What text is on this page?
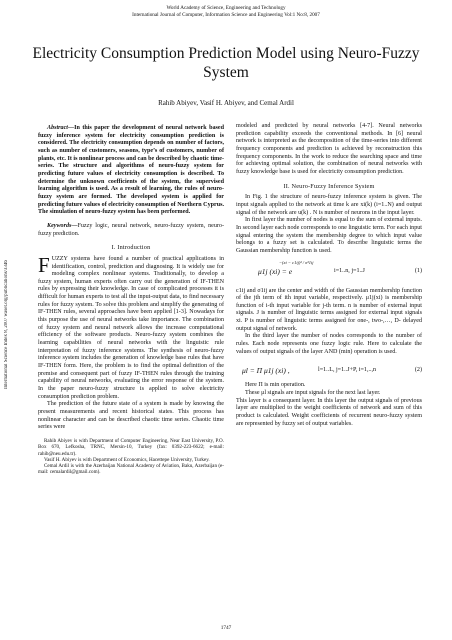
World Academy of Science, Engineering and Technology
International Journal of Computer, Information Science and Engineering Vol:1 No:8, 2007
International Science Index 8, 2007 waset.org/publications/3346
Electricity Consumption Prediction Model using Neuro-Fuzzy System
Rahib Abiyev, Vasif H. Abiyev, and Cemal Ardil

Abstract—In this paper the development of neural network based fuzzy inference system for electricity consumption prediction is considered. The electricity consumption depends on number of factors, such as number of customers, seasons, type’s of customers, number of plants, etc. It is nonlinear process and can be described by chaotic time-series. The structure and algorithms of neuro-fuzzy system for predicting future values of electricity consumption is described. To determine the unknown coefficients of the system, the supervised learning algorithm is used. As a result of learning, the rules of neuro-fuzzy system are formed. The developed system is applied for predicting future values of electricity consumption of Northern Cyprus. The simulation of neuro-fuzzy system has been performed.

Keywords—Fuzzy logic, neural network, neuro-fuzzy system, neuro-fuzzy prediction.

I. Introduction

FUZZY systems have found a number of practical applications in identification, control, prediction and diagnosing. It is widely use for modeling complex nonlinear systems. Traditionally, to develop a fuzzy system, human experts often carry out the generation of IF-THEN rules by expressing their knowledge. In case of complicated processes it is difficult for human experts to test all the input-output data, to find necessary rules for fuzzy system. To solve this problem and simplify the generating of IF-THEN rules, several approaches have been applied [1-3]. Nowadays for this purpose the use of neural networks take importance. The combination of fuzzy system and neural network allows the increase computational efficiency of the software products. Neuro-fuzzy system combines the learning capabilities of neural networks with the linguistic rule interpretation of fuzzy inference systems. The synthesis of neuro-fuzzy inference system includes the generation of knowledge base rules that have IF-THEN form. Here, the problem is to find the optimal definition of the premise and consequent part of fuzzy IF-THEN rules through the training capability of neural networks, evaluating the error response of the system. In the paper neuro-fuzzy structure is applied to solve electricity consumption prediction problem.

The prediction of the future state of a system is made by knowing the present measurements and recent historical states. This process has nonlinear character and can be described chaotic time series. Chaotic time series were

Rahib Abiyev is with Department of Computer Engineering, Near East University, P.O. Box 670, Lefkosha, TRNC, Mersin-10, Turkey (fax: 0392-223-6622; e-mail: rahib@neu.edu.tr).

Vasif H. Abiyev is with Department of Economics, Hacettepe University, Turkey.

Cemal Ardil is with the Azerbaijan National Academy of Aviation, Baku, Azerbaijan (e-mail: cemalardil@gmail.com).

modeled and predicted by neural networks [4-7]. Neural networks prediction capability exceeds the conventional methods. In [6] neural network is interpreted as the decomposition of the time-series into different frequency components and prediction is achieved by reconstruction this frequency components. In the work to reduce the searching space and time for achieving optimal solution, the combination of neural networks with fuzzy knowledge base is used for electricity consumption prediction.

II. Neuro-Fuzzy Inference System

In Fig. 1 the structure of neuro-fuzzy inference system is given. The input signals applied to the network at time k are xi(k) (i=1..N) and output signal of the network are u(k) . N is number of neurons in the input layer.

In first layer the number of nodes is equal to the sum of external inputs. In second layer each node corresponds to one linguistic term. For each input signal entering the system the membership degree to which input value belongs to a fuzzy set is calculated. To describe linguistic terms the Gaussian membership function is used.

−(xi − c1ij)² / σ²1ij
μ1j (xi) = e	i=1..n, j=1..J	(1)

c1ij and σ1ij are the center and width of the Gaussian membership function of the jth term of ith input variable, respectively. μ1j(xi) is membership function of i-th input variable for j-th term. n is number of external input signals. J is number of linguistic terms assigned for external input signals xi. P is number of linguistic terms assigned for one-, two-,…, D- delayed output signal of network.

In the third layer the number of nodes corresponds to the number of rules. Each node represents one fuzzy logic rule. Here to calculate the values of output signals of the layer AND (min) operation is used.

μl = Π μ1j (xi) ,	l=1..L, j=1..J+P, i=1,..,n	(2)

Here Π is min operation.

These μl signals are input signals for the next last layer.

This layer is a consequent layer. In this layer the output signals of previous layer are multiplied to the weight coefficients of network and sum of this product is calculated. Weight coefficients of recurrent neuro-fuzzy system are represented by fuzzy set of output variables.

1747
